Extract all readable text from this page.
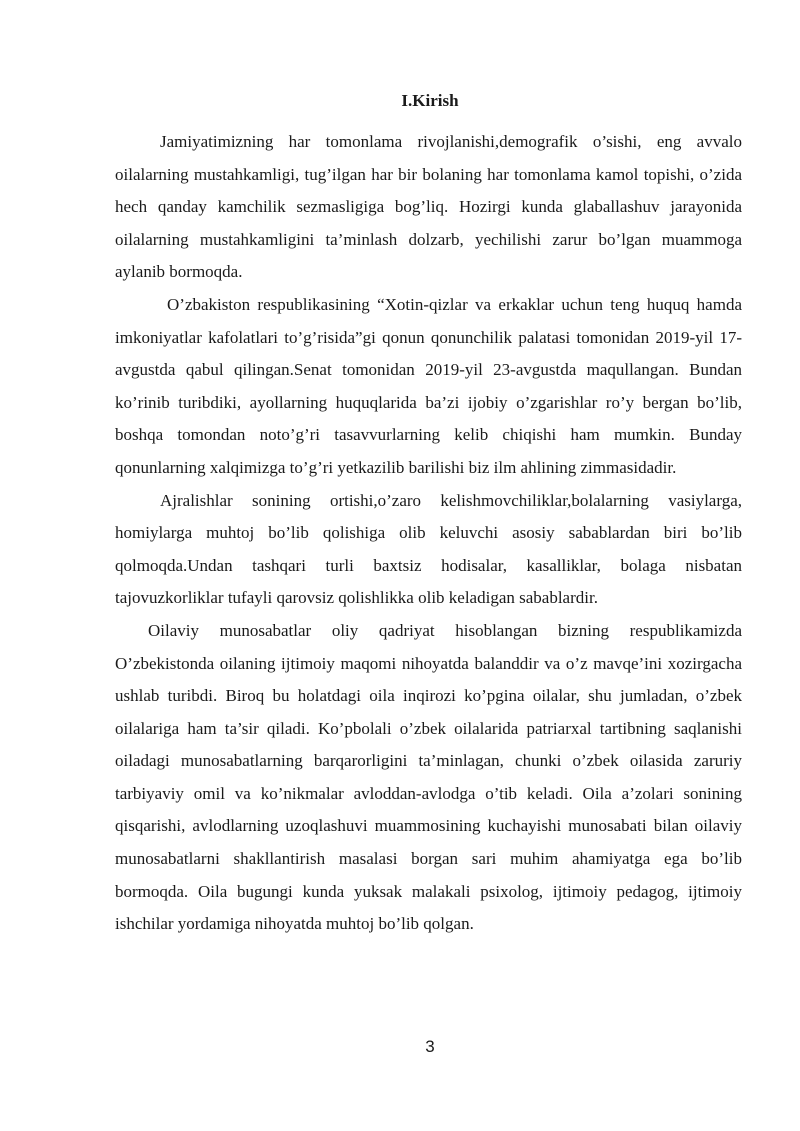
I.Kirish

Jamiyatimizning har tomonlama rivojlanishi,demografik o’sishi, eng avvalo oilalarning mustahkamligi, tug’ilgan har bir bolaning har tomonlama kamol topishi, o’zida hech qanday kamchilik sezmasligiga bog’liq. Hozirgi kunda glaballashuv jarayonida oilalarning mustahkamligini ta’minlash dolzarb, yechilishi zarur bo’lgan muammoga aylanib bormoqda.

O’zbakiston respublikasining “Xotin-qizlar va erkaklar uchun teng huquq hamda imkoniyatlar kafolatlari to’g’risida”gi qonun qonunchilik palatasi tomonidan 2019-yil 17-avgustda qabul qilingan.Senat tomonidan 2019-yil 23-avgustda maqullangan. Bundan ko’rinib turibdiki, ayollarning huquqlarida ba’zi ijobiy o’zgarishlar ro’y bergan bo’lib, boshqa tomondan noto’g’ri tasavvurlarning kelib chiqishi ham mumkin. Bunday qonunlarning xalqimizga to’g’ri yetkazilib barilishi biz ilm ahlining zimmasidadir.

Ajralishlar sonining ortishi,o’zaro kelishmovchiliklar,bolalarning vasiylarga, homiylarga muhtoj bo’lib qolishiga olib keluvchi asosiy sabablardan biri bo’lib qolmoqda.Undan tashqari turli baxtsiz hodisalar, kasalliklar, bolaga nisbatan tajovuzkorliklar tufayli qarovsiz qolishlikka olib keladigan sabablardir.

Oilaviy munosabatlar oliy qadriyat hisoblangan bizning respublikamizda O’zbekistonda oilaning ijtimoiy maqomi nihoyatda balanddir va o’z mavqe’ini xozirgacha ushlab turibdi. Biroq bu holatdagi oila inqirozi ko’pgina oilalar, shu jumladan, o’zbek oilalariga ham ta’sir qiladi. Ko’pbolali o’zbek oilalarida patriarxal tartibning saqlanishi oiladagi munosabatlarning barqarorligini ta’minlagan, chunki o’zbek oilasida zaruriy tarbiyaviy omil va ko’nikmalar avloddan-avlodga o’tib keladi. Oila a’zolari sonining qisqarishi, avlodlarning uzoqlashuvi muammosining kuchayishi munosabati bilan oilaviy munosabatlarni shakllantirish masalasi borgan sari muhim ahamiyatga ega bo’lib bormoqda. Oila bugungi kunda yuksak malakali psixolog, ijtimoiy pedagog, ijtimoiy ishchilar yordamiga nihoyatda muhtoj bo’lib qolgan.

3
